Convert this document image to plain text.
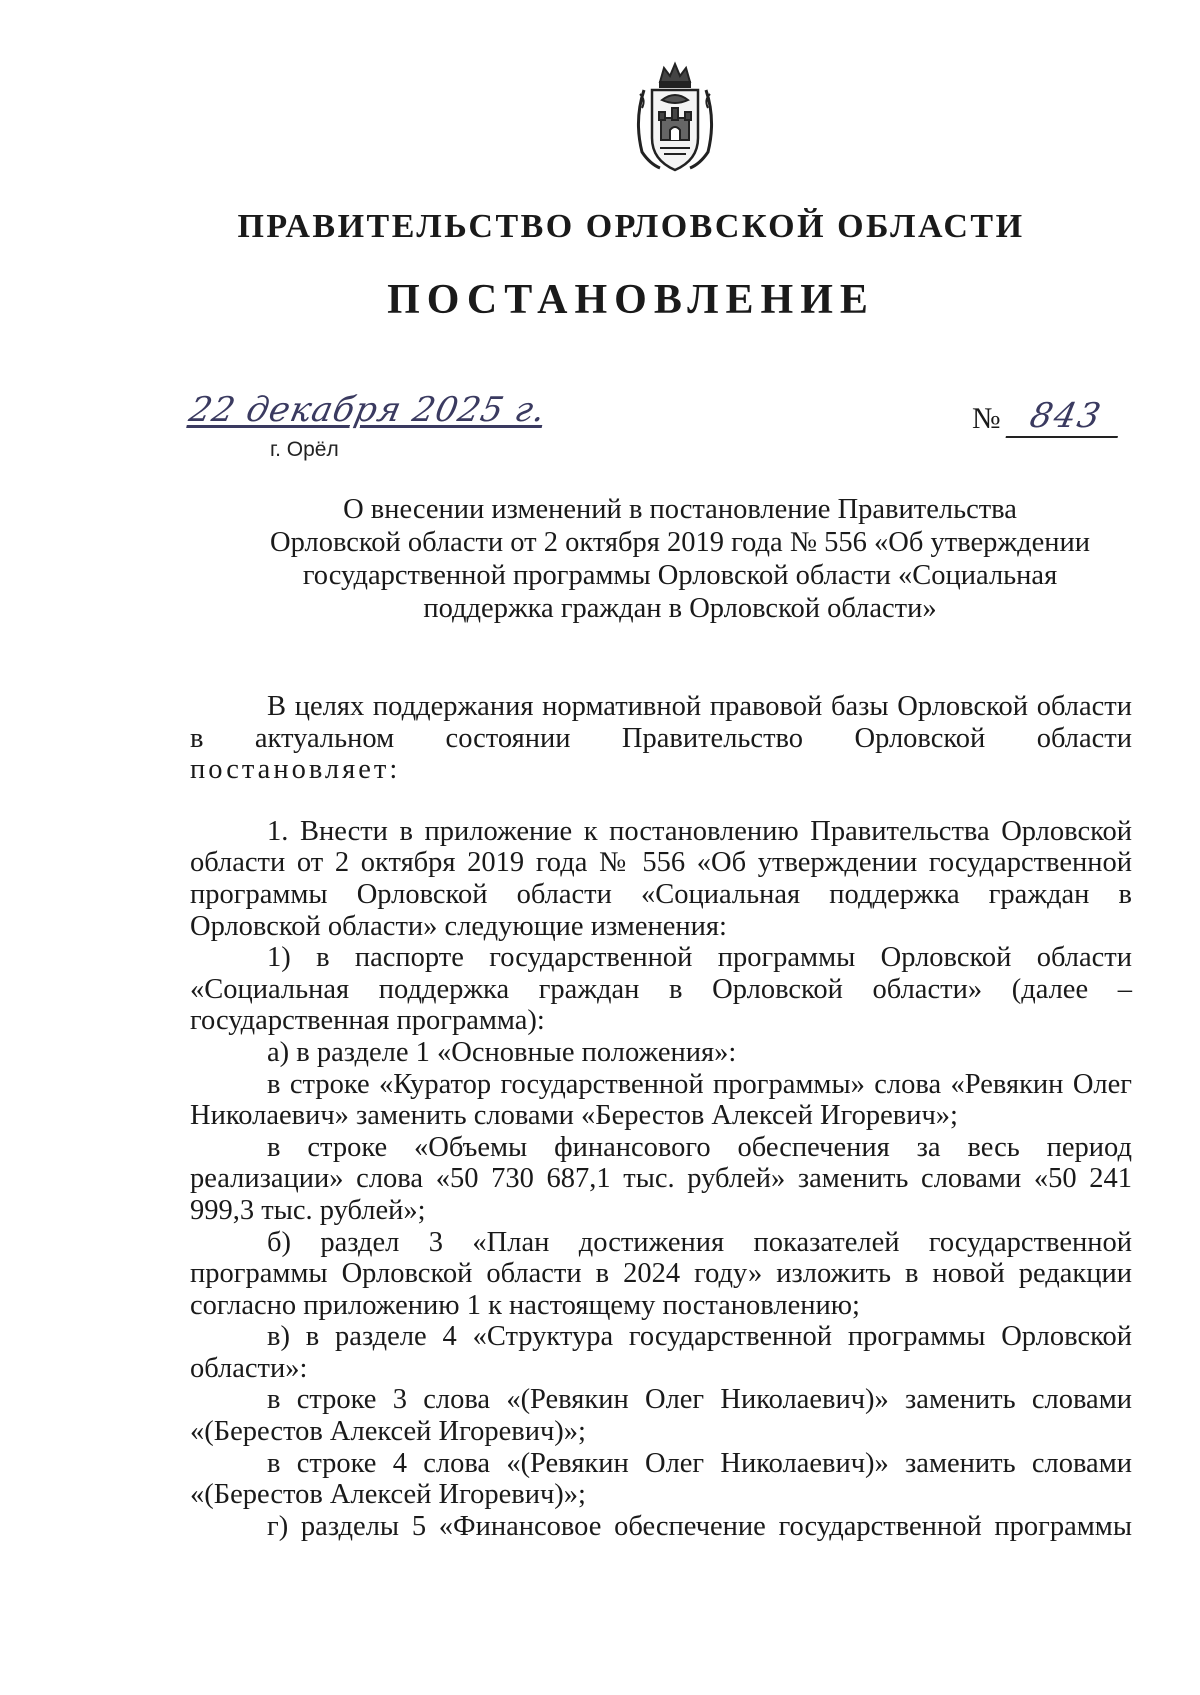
ПРАВИТЕЛЬСТВО ОРЛОВСКОЙ ОБЛАСТИ
ПОСТАНОВЛЕНИЕ
22 декабря 2025 г.
г. Орёл
№ 843
О внесении изменений в постановление Правительства
Орловской области от 2 октября 2019 года № 556 «Об утверждении
государственной программы Орловской области «Социальная
поддержка граждан в Орловской области»

В целях поддержания нормативной правовой базы Орловской области в актуальном состоянии Правительство Орловской области

постановляет:

1. Внести в приложение к постановлению Правительства Орловской области от 2 октября 2019 года № 556 «Об утверждении государственной программы Орловской области «Социальная поддержка граждан в Орловской области» следующие изменения:

1) в паспорте государственной программы Орловской области «Социальная поддержка граждан в Орловской области» (далее – государственная программа):

а) в разделе 1 «Основные положения»:

в строке «Куратор государственной программы» слова «Ревякин Олег Николаевич» заменить словами «Берестов Алексей Игоревич»;

в строке «Объемы финансового обеспечения за весь период реализации» слова «50 730 687,1 тыс. рублей» заменить словами «50 241 999,3 тыс. рублей»;

б) раздел 3 «План достижения показателей государственной программы Орловской области в 2024 году» изложить в новой редакции согласно приложению 1 к настоящему постановлению;

в) в разделе 4 «Структура государственной программы Орловской области»:

в строке 3 слова «(Ревякин Олег Николаевич)» заменить словами «(Берестов Алексей Игоревич)»;

в строке 4 слова «(Ревякин Олег Николаевич)» заменить словами «(Берестов Алексей Игоревич)»;

г) разделы 5 «Финансовое обеспечение государственной программы
